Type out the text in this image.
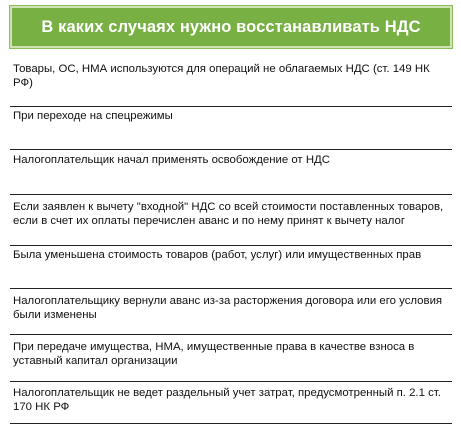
В каких случаях нужно восстанавливать НДС
Товары, ОС, НМА используются для операций не облагаемых НДС (ст. 149 НК РФ)
При переходе на спецрежимы
Налогоплательщик начал применять освобождение от НДС
Если заявлен к вычету "входной" НДС со всей стоимости поставленных товаров, если в счет их оплаты перечислен аванс и по нему принят к вычету налог
Была уменьшена стоимость товаров (работ, услуг) или имущественных прав
Налогоплательщику вернули аванс из-за расторжения договора или его условия были изменены
При передаче имущества, НМА, имущественные права в качестве взноса в уставный капитал организации
Налогоплательщик не ведет раздельный учет затрат, предусмотренный п. 2.1 ст. 170 НК РФ
